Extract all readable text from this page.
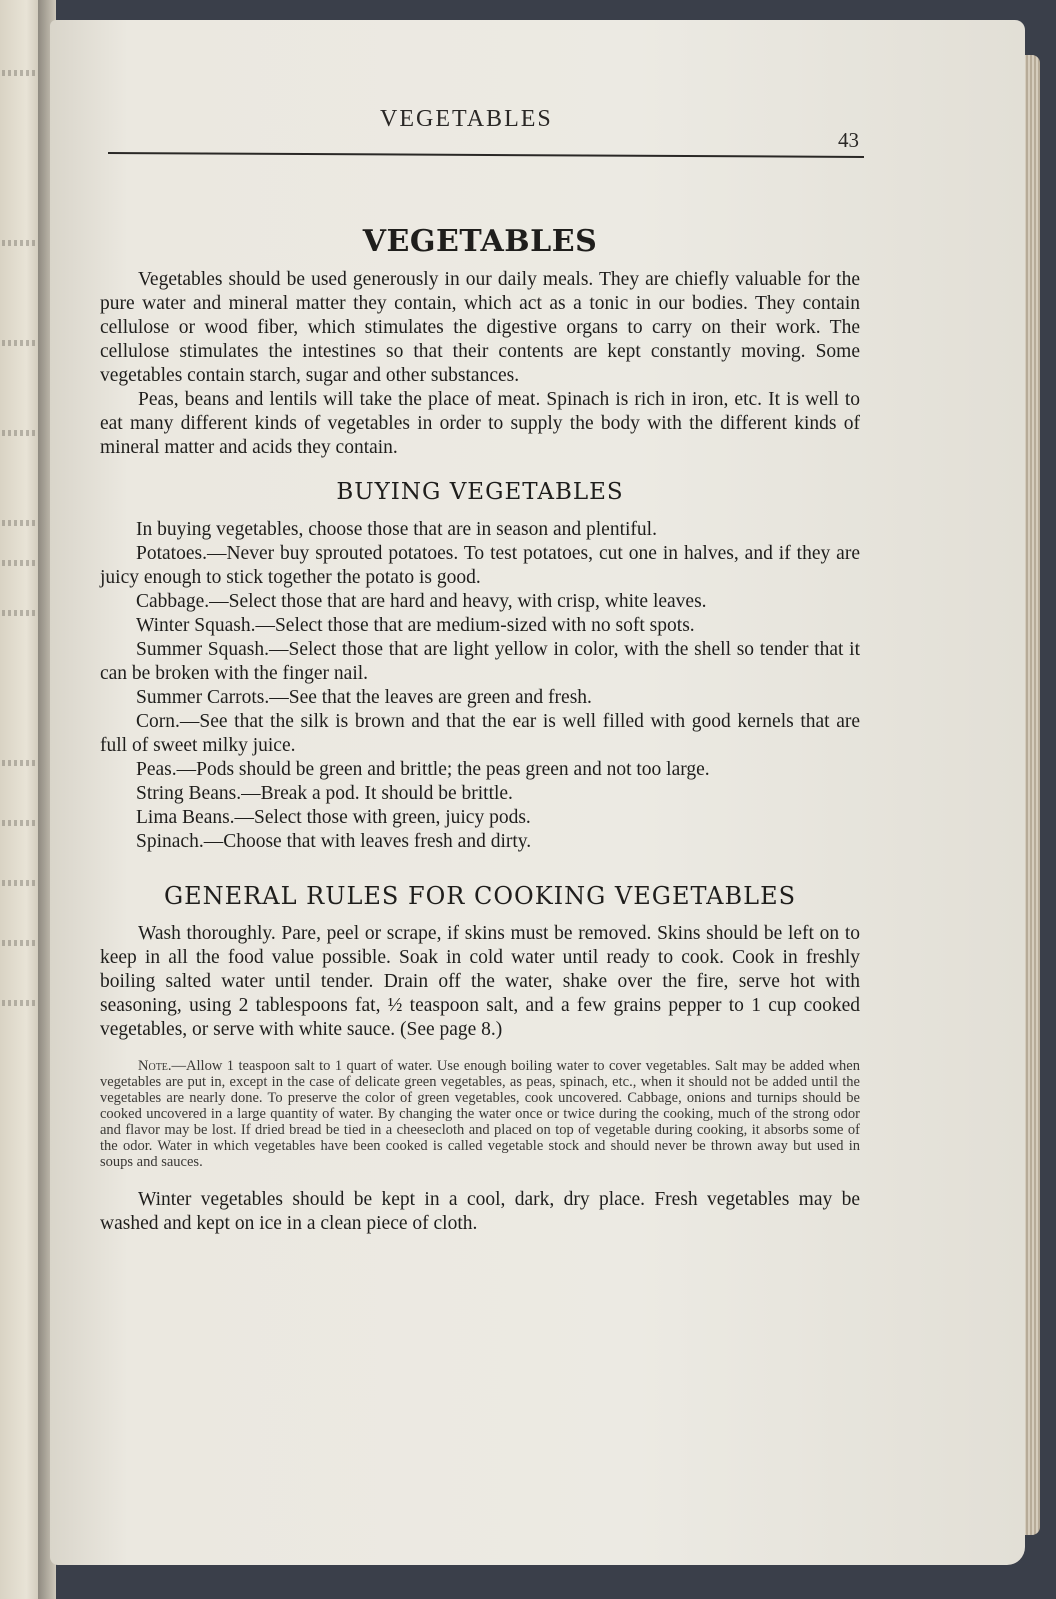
VEGETABLES
43
VEGETABLES

Vegetables should be used generously in our daily meals. They are chiefly valuable for the pure water and mineral matter they contain, which act as a tonic in our bodies. They contain cellulose or wood fiber, which stimulates the digestive organs to carry on their work. The cellulose stimulates the intestines so that their contents are kept constantly moving. Some vegetables contain starch, sugar and other substances.

Peas, beans and lentils will take the place of meat. Spinach is rich in iron, etc. It is well to eat many different kinds of vegetables in order to supply the body with the different kinds of mineral matter and acids they contain.

BUYING VEGETABLES

In buying vegetables, choose those that are in season and plentiful.

Potatoes.—Never buy sprouted potatoes. To test potatoes, cut one in halves, and if they are juicy enough to stick together the potato is good.

Cabbage.—Select those that are hard and heavy, with crisp, white leaves.

Winter Squash.—Select those that are medium-sized with no soft spots.

Summer Squash.—Select those that are light yellow in color, with the shell so tender that it can be broken with the finger nail.

Summer Carrots.—See that the leaves are green and fresh.

Corn.—See that the silk is brown and that the ear is well filled with good kernels that are full of sweet milky juice.

Peas.—Pods should be green and brittle; the peas green and not too large.

String Beans.—Break a pod. It should be brittle.

Lima Beans.—Select those with green, juicy pods.

Spinach.—Choose that with leaves fresh and dirty.

GENERAL RULES FOR COOKING VEGETABLES

Wash thoroughly. Pare, peel or scrape, if skins must be removed. Skins should be left on to keep in all the food value possible. Soak in cold water until ready to cook. Cook in freshly boiling salted water until tender. Drain off the water, shake over the fire, serve hot with seasoning, using 2 tablespoons fat, ½ teaspoon salt, and a few grains pepper to 1 cup cooked vegetables, or serve with white sauce. (See page 8.)

Note.—Allow 1 teaspoon salt to 1 quart of water. Use enough boiling water to cover vegetables. Salt may be added when vegetables are put in, except in the case of delicate green vegetables, as peas, spinach, etc., when it should not be added until the vegetables are nearly done. To preserve the color of green vegetables, cook uncovered. Cabbage, onions and turnips should be cooked uncovered in a large quantity of water. By changing the water once or twice during the cooking, much of the strong odor and flavor may be lost. If dried bread be tied in a cheesecloth and placed on top of vegetable during cooking, it absorbs some of the odor. Water in which vegetables have been cooked is called vegetable stock and should never be thrown away but used in soups and sauces.

Winter vegetables should be kept in a cool, dark, dry place. Fresh vegetables may be washed and kept on ice in a clean piece of cloth.
